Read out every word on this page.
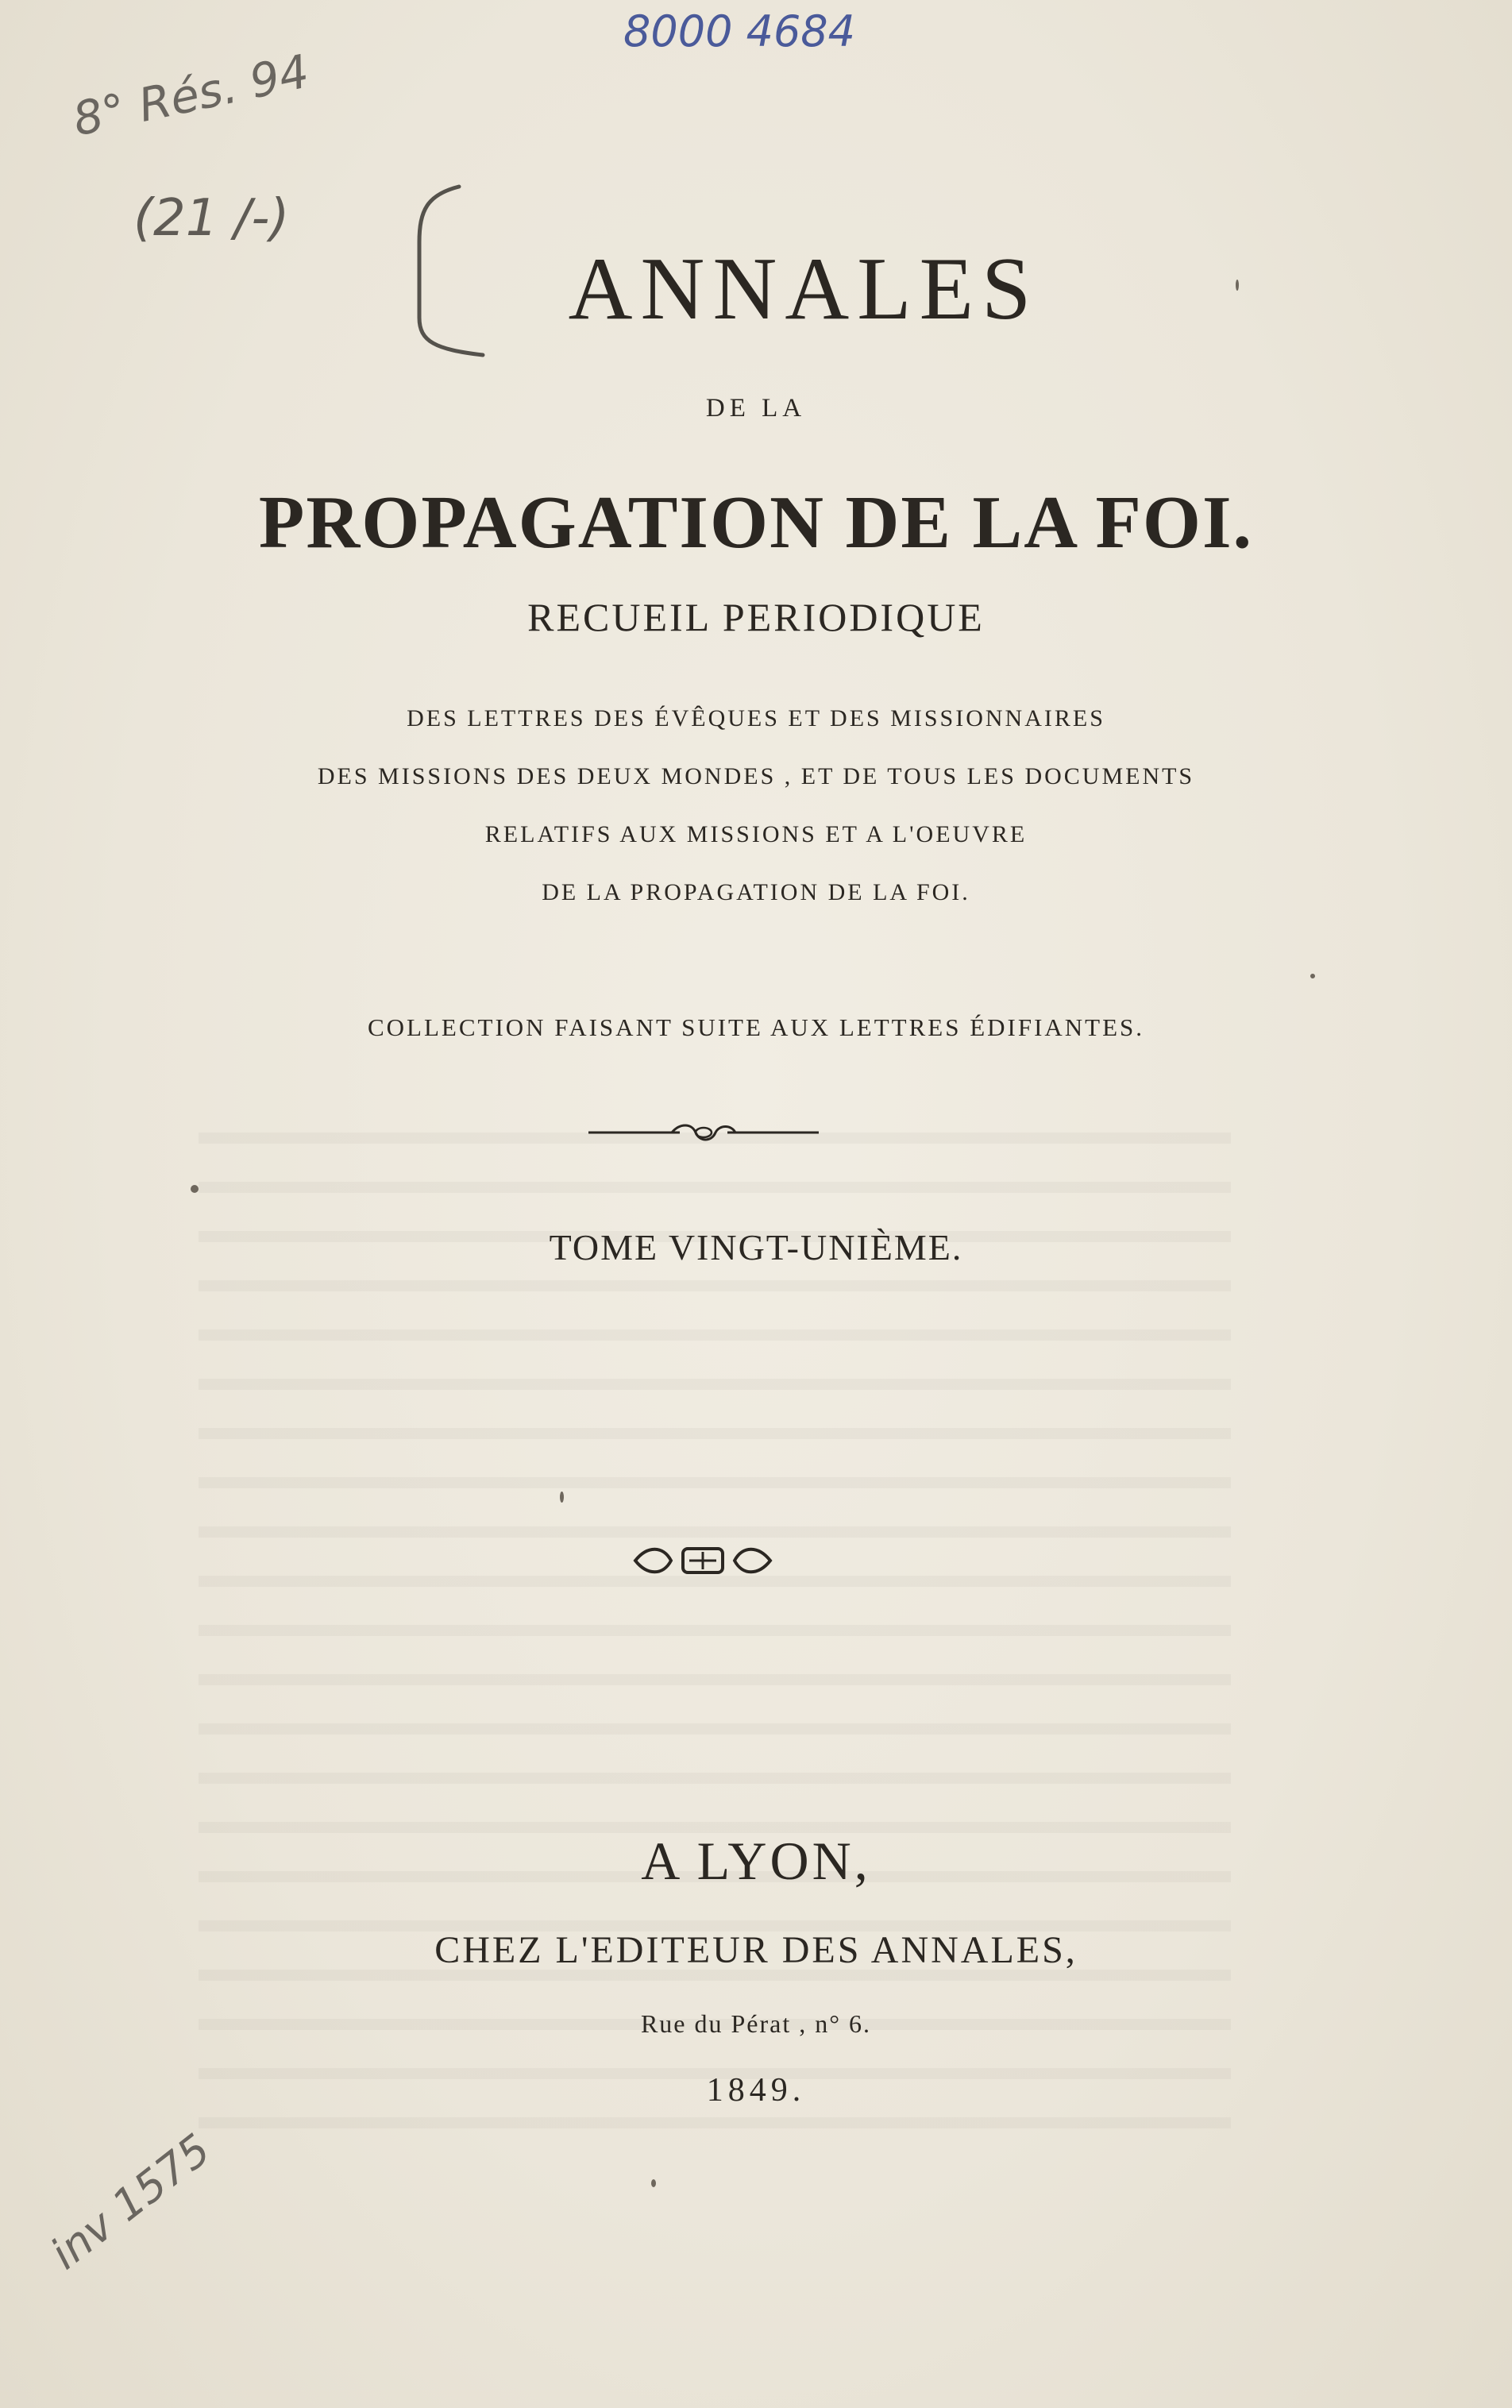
8000 4684
8° Rés. 94
(21 /-)
inv 1575
ANNALES
DE LA
PROPAGATION DE LA FOI.
RECUEIL PERIODIQUE
DES LETTRES DES ÉVÊQUES ET DES MISSIONNAIRES
DES MISSIONS DES DEUX MONDES , ET DE TOUS LES DOCUMENTS
RELATIFS AUX MISSIONS ET A L'OEUVRE
DE LA PROPAGATION DE LA FOI.
COLLECTION FAISANT SUITE AUX LETTRES ÉDIFIANTES.
TOME VINGT-UNIÈME.
A LYON,
CHEZ L'EDITEUR DES ANNALES,
Rue du Pérat , n° 6.
1849.
